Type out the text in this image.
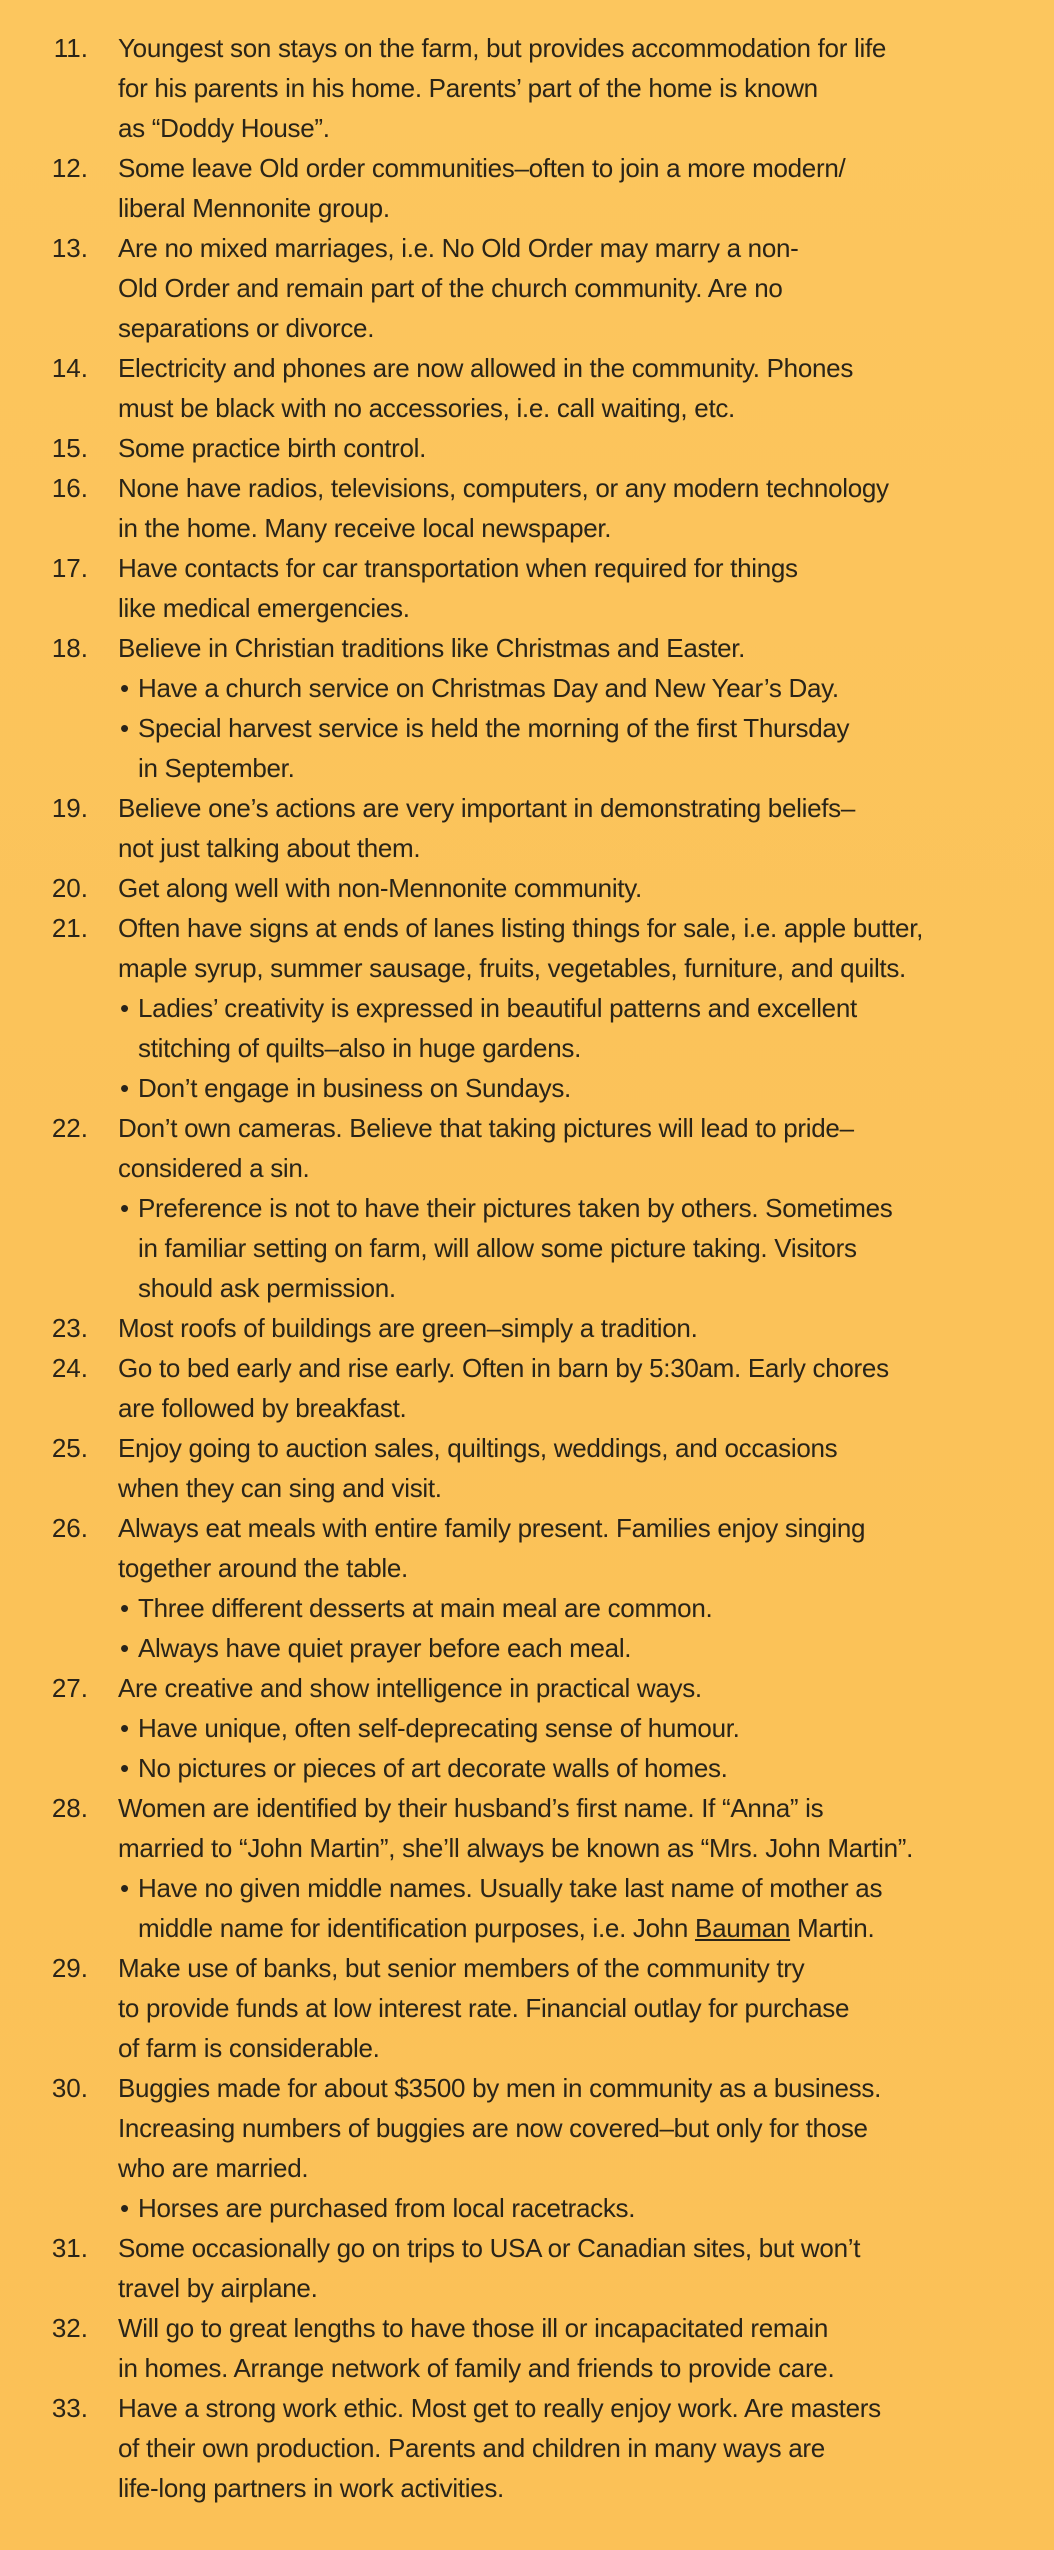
11. Youngest son stays on the farm, but provides accommodation for life
for his parents in his home. Parents’ part of the home is known
as “Doddy House”.
12. Some leave Old order communities–often to join a more modern/
liberal Mennonite group.
13. Are no mixed marriages, i.e. No Old Order may marry a non-
Old Order and remain part of the church community. Are no
separations or divorce.
14. Electricity and phones are now allowed in the community. Phones
must be black with no accessories, i.e. call waiting, etc.
15. Some practice birth control.
16. None have radios, televisions, computers, or any modern technology
in the home. Many receive local newspaper.
17. Have contacts for car transportation when required for things
like medical emergencies.
18. Believe in Christian traditions like Christmas and Easter.
• Have a church service on Christmas Day and New Year’s Day.
• Special harvest service is held the morning of the first Thursday
in September.
19. Believe one’s actions are very important in demonstrating beliefs–
not just talking about them.
20. Get along well with non-Mennonite community.
21. Often have signs at ends of lanes listing things for sale, i.e. apple butter,
maple syrup, summer sausage, fruits, vegetables, furniture, and quilts.
• Ladies’ creativity is expressed in beautiful patterns and excellent
stitching of quilts–also in huge gardens.
• Don’t engage in business on Sundays.
22. Don’t own cameras. Believe that taking pictures will lead to pride–
considered a sin.
• Preference is not to have their pictures taken by others. Sometimes
in familiar setting on farm, will allow some picture taking. Visitors
should ask permission.
23. Most roofs of buildings are green–simply a tradition.
24. Go to bed early and rise early. Often in barn by 5:30am. Early chores
are followed by breakfast.
25. Enjoy going to auction sales, quiltings, weddings, and occasions
when they can sing and visit.
26. Always eat meals with entire family present. Families enjoy singing
together around the table.
• Three different desserts at main meal are common.
• Always have quiet prayer before each meal.
27. Are creative and show intelligence in practical ways.
• Have unique, often self-deprecating sense of humour.
• No pictures or pieces of art decorate walls of homes.
28. Women are identified by their husband’s first name. If “Anna” is
married to “John Martin”, she’ll always be known as “Mrs. John Martin”.
• Have no given middle names. Usually take last name of mother as
middle name for identification purposes, i.e. John Bauman Martin.
29. Make use of banks, but senior members of the community try
to provide funds at low interest rate. Financial outlay for purchase
of farm is considerable.
30. Buggies made for about $3500 by men in community as a business.
Increasing numbers of buggies are now covered–but only for those
who are married.
• Horses are purchased from local racetracks.
31. Some occasionally go on trips to USA or Canadian sites, but won’t
travel by airplane.
32. Will go to great lengths to have those ill or incapacitated remain
in homes. Arrange network of family and friends to provide care.
33. Have a strong work ethic. Most get to really enjoy work. Are masters
of their own production. Parents and children in many ways are
life-long partners in work activities.
